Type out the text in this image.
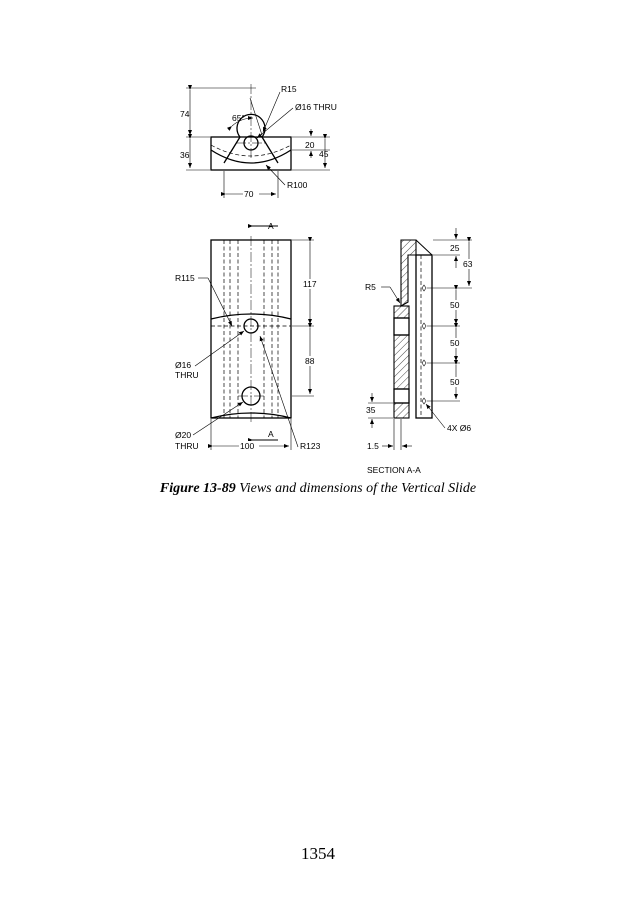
74
36
65°
R15
Ø16 THRU
20
45
70
R100
A
A
117
88
R115
Ø16
THRU
Ø20
THRU	100	R123
25
63
50
50
50
R5
35
4X Ø6
1.5
SECTION A-A
Figure 13-89 Views and dimensions of the Vertical Slide
1354
